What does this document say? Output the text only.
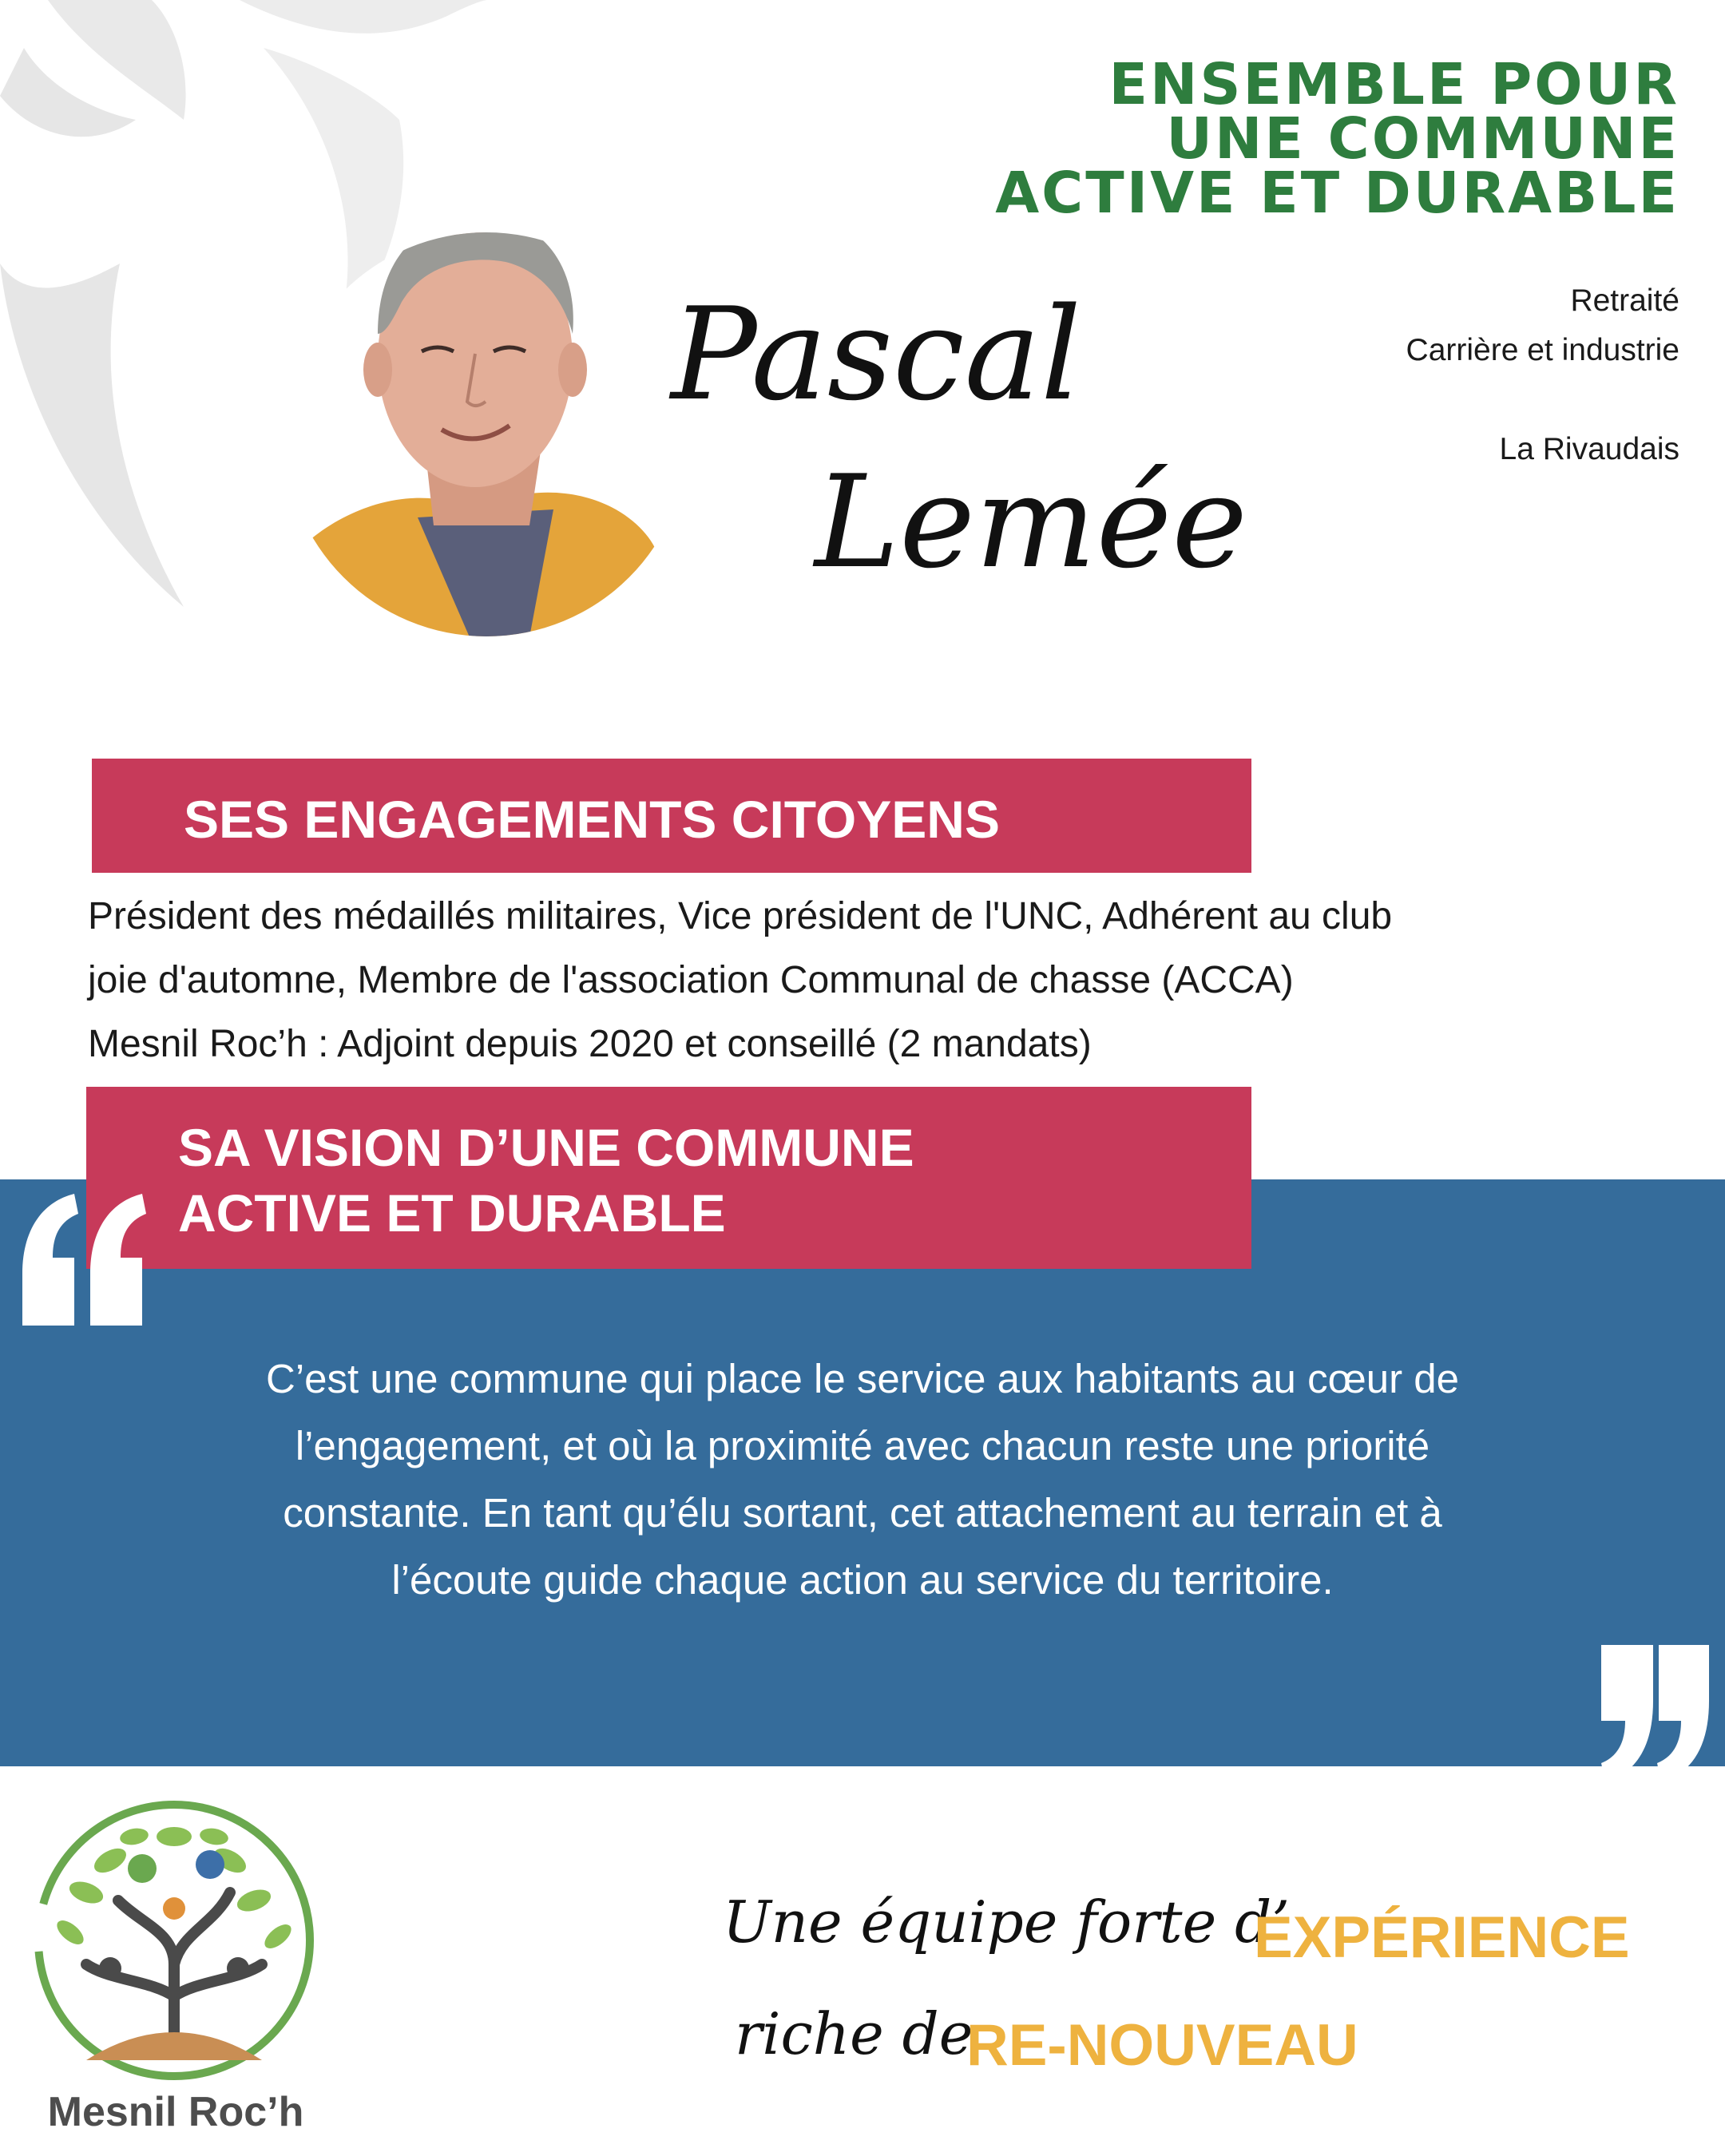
ENSEMBLE POUR
UNE COMMUNE
ACTIVE ET DURABLE
Retraité
Carrière et industrie
La Rivaudais
Pascal
Lemée
SES ENGAGEMENTS CITOYENS
Président des médaillés militaires, Vice président de l'UNC, Adhérent au club
joie d'automne, Membre de l'association Communal de chasse (ACCA)
Mesnil Roc’h : Adjoint depuis 2020 et conseillé (2 mandats)
SA VISION D’UNE COMMUNE
ACTIVE ET DURABLE
C’est une commune qui place le service aux habitants au cœur de
l’engagement, et où la proximité avec chacun reste une priorité
constante. En tant qu’élu sortant, cet attachement au terrain et à
l’écoute guide chaque action au service du territoire.
Mesnil Roc’h
Une équipe forte d’
EXPÉRIENCE
riche de
RE-NOUVEAU
